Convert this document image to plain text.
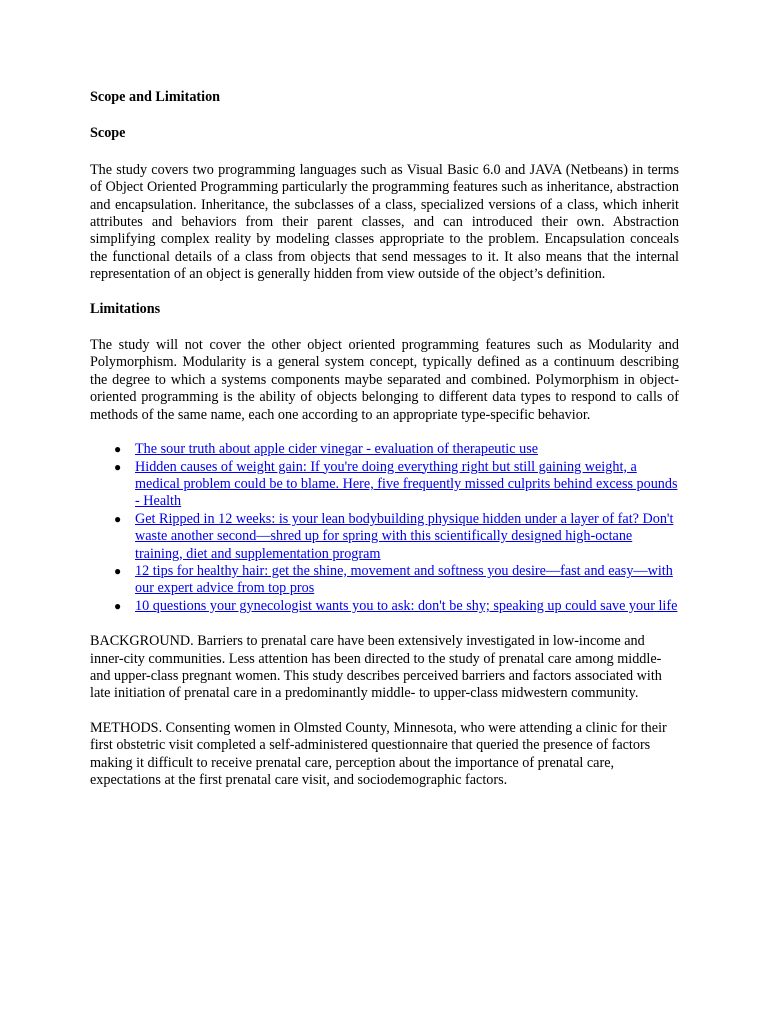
Scope and Limitation
Scope

The study covers two programming languages such as Visual Basic 6.0 and JAVA (Netbeans) in terms of Object Oriented Programming particularly the programming features such as inheritance, abstraction and encapsulation. Inheritance, the subclasses of a class, specialized versions of a class, which inherit attributes and behaviors from their parent classes, and can introduced their own. Abstraction simplifying complex reality by modeling classes appropriate to the problem. Encapsulation conceals the functional details of a class from objects that send messages to it. It also means that the internal representation of an object is generally hidden from view outside of the object’s definition.

Limitations

The study will not cover the other object oriented programming features such as Modularity and Polymorphism. Modularity is a general system concept, typically defined as a continuum describing the degree to which a systems components maybe separated and combined. Polymorphism in object-oriented programming is the ability of objects belonging to different data types to respond to calls of methods of the same name, each one according to an appropriate type-specific behavior.

● The sour truth about apple cider vinegar - evaluation of therapeutic use
● Hidden causes of weight gain: If you're doing everything right but still gaining weight, a medical problem could be to blame. Here, five frequently missed culprits behind excess pounds - Health
● Get Ripped in 12 weeks: is your lean bodybuilding physique hidden under a layer of fat? Don't waste another second—shred up for spring with this scientifically designed high-octane training, diet and supplementation program
● 12 tips for healthy hair: get the shine, movement and softness you desire—fast and easy—with our expert advice from top pros
● 10 questions your gynecologist wants you to ask: don't be shy; speaking up could save your life

BACKGROUND. Barriers to prenatal care have been extensively investigated in low-income and inner-city communities. Less attention has been directed to the study of prenatal care among middle- and upper-class pregnant women. This study describes perceived barriers and factors associated with late initiation of prenatal care in a predominantly middle- to upper-class midwestern community.

METHODS. Consenting women in Olmsted County, Minnesota, who were attending a clinic for their first obstetric visit completed a self-administered questionnaire that queried the presence of factors making it difficult to receive prenatal care, perception about the importance of prenatal care, expectations at the first prenatal care visit, and sociodemographic factors.
